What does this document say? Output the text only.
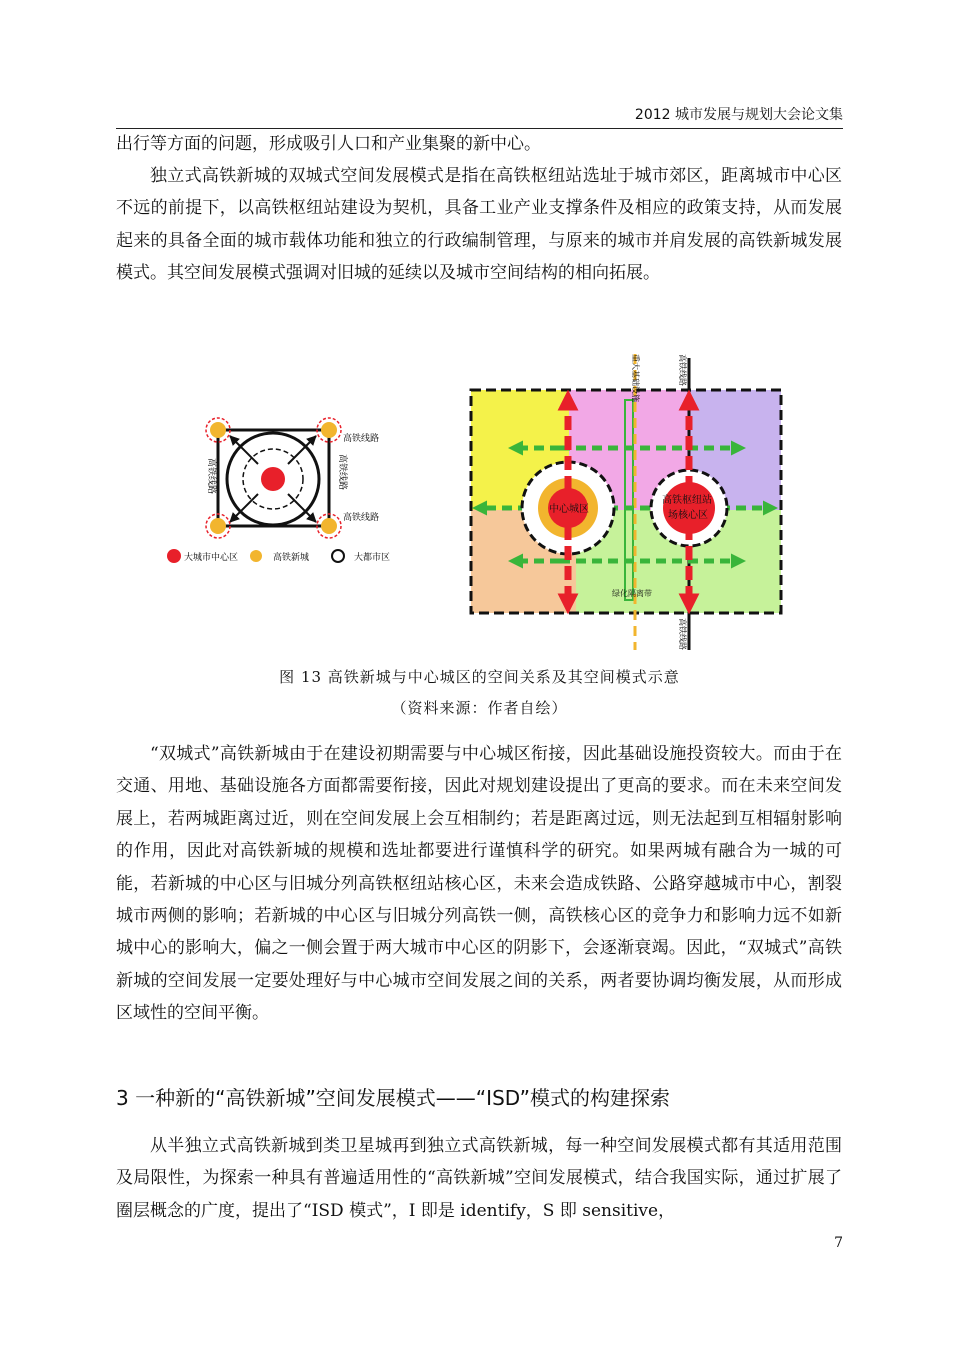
2012 城市发展与规划大会论文集

出行等方面的问题，形成吸引人口和产业集聚的新中心。

独立式高铁新城的双城式空间发展模式是指在高铁枢纽站选址于城市郊区，距离城市中心区不远的前提下，以高铁枢纽站建设为契机，具备工业产业支撑条件及相应的政策支持，从而发展起来的具备全面的城市载体功能和独立的行政编制管理，与原来的城市并肩发展的高铁新城发展模式。其空间发展模式强调对旧城的延续以及城市空间结构的相向拓展。

高铁线路
高铁线路	高铁线路
高铁线路
大城市中心区	高铁新城	大都市区
中心城区
高铁枢纽站
场核心区
绿化隔离带
重大基础设施	高铁线路
高铁线路
图 13 高铁新城与中心城区的空间关系及其空间模式示意
（资料来源：作者自绘）

“双城式”高铁新城由于在建设初期需要与中心城区衔接，因此基础设施投资较大。而由于在交通、用地、基础设施各方面都需要衔接，因此对规划建设提出了更高的要求。而在未来空间发展上，若两城距离过近，则在空间发展上会互相制约；若是距离过远，则无法起到互相辐射影响的作用，因此对高铁新城的规模和选址都要进行谨慎科学的研究。如果两城有融合为一城的可能，若新城的中心区与旧城分列高铁枢纽站核心区，未来会造成铁路、公路穿越城市中心，割裂城市两侧的影响；若新城的中心区与旧城分列高铁一侧，高铁核心区的竞争力和影响力远不如新城中心的影响大，偏之一侧会置于两大城市中心区的阴影下，会逐渐衰竭。因此，“双城式”高铁新城的空间发展一定要处理好与中心城市空间发展之间的关系，两者要协调均衡发展，从而形成区域性的空间平衡。

3 一种新的“高铁新城”空间发展模式——“ISD”模式的构建探索

从半独立式高铁新城到类卫星城再到独立式高铁新城，每一种空间发展模式都有其适用范围及局限性，为探索一种具有普遍适用性的“高铁新城”空间发展模式，结合我国实际，通过扩展了圈层概念的广度，提出了“ISD 模式”，I 即是 identify，S 即 sensitive，

7
